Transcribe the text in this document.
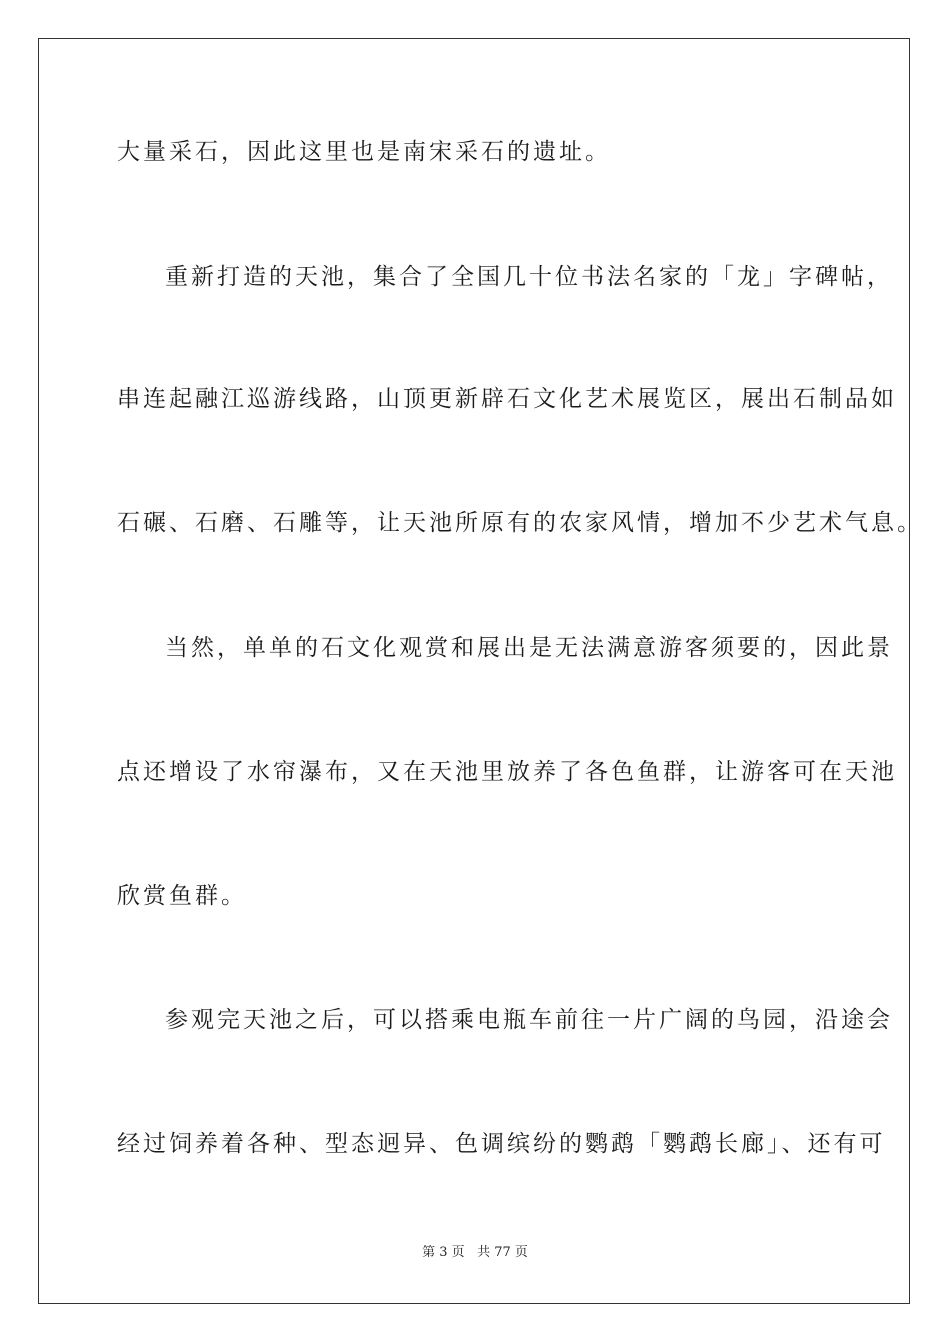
大量采石，因此这里也是南宋采石的遗址。
重新打造的天池，集合了全国几十位书法名家的「龙」字碑帖，
串连起融江巡游线路，山顶更新辟石文化艺术展览区，展出石制品如
石碾、石磨、石雕等，让天池所原有的农家风情，增加不少艺术气息。
当然，单单的石文化观赏和展出是无法满意游客须要的，因此景
点还增设了水帘瀑布，又在天池里放养了各色鱼群，让游客可在天池
欣赏鱼群。
参观完天池之后，可以搭乘电瓶车前往一片广阔的鸟园，沿途会
经过饲养着各种、型态迥异、色调缤纷的鹦鹉「鹦鹉长廊」、还有可
第 3 页 共 77 页
